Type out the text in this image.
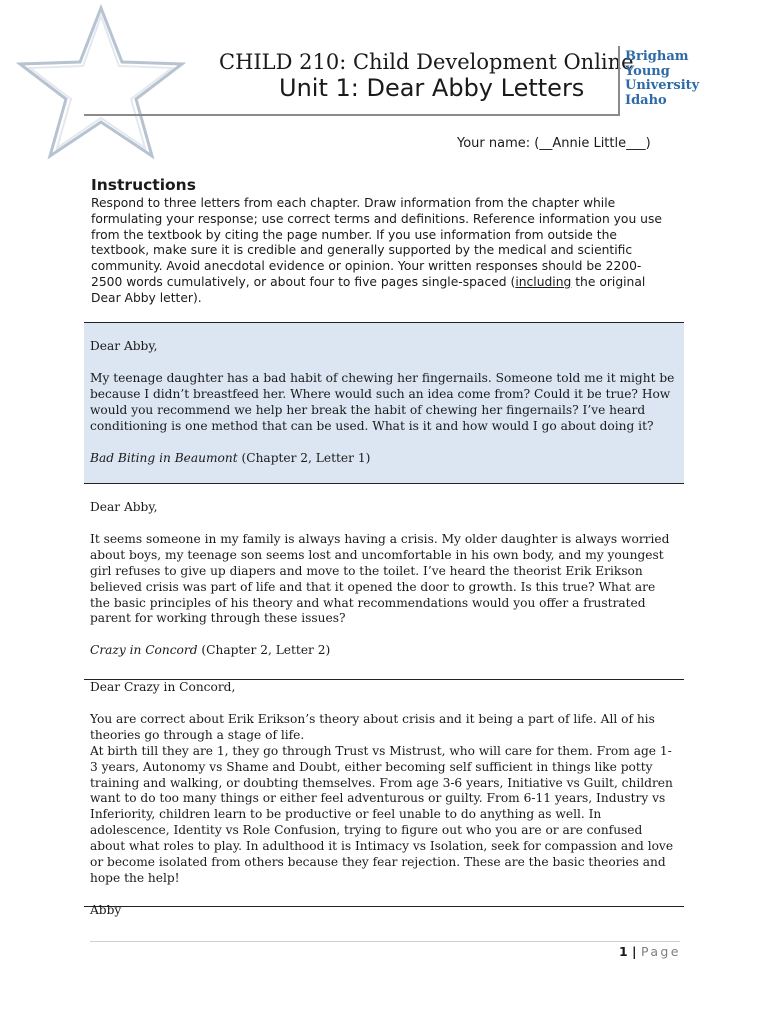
CHILD 210: Child Development Online
Unit 1: Dear Abby Letters
Brigham
Young
University
Idaho
Your name: (__Annie Little___)
Instructions
Respond to three letters from each chapter. Draw information from the chapter while formulating your response; use correct terms and definitions. Reference information you use from the textbook by citing the page number. If you use information from outside the textbook, make sure it is credible and generally supported by the medical and scientific community. Avoid anecdotal evidence or opinion. Your written responses should be 2200-2500 words cumulatively, or about four to five pages single-spaced (including the original Dear Abby letter).

Dear Abby,

My teenage daughter has a bad habit of chewing her fingernails. Someone told me it might be because I didn’t breastfeed her. Where would such an idea come from? Could it be true? How would you recommend we help her break the habit of chewing her fingernails? I’ve heard conditioning is one method that can be used. What is it and how would I go about doing it?

Bad Biting in Beaumont (Chapter 2, Letter 1)

Dear Abby,

It seems someone in my family is always having a crisis. My older daughter is always worried about boys, my teenage son seems lost and uncomfortable in his own body, and my youngest girl refuses to give up diapers and move to the toilet. I’ve heard the theorist Erik Erikson believed crisis was part of life and that it opened the door to growth. Is this true? What are the basic principles of his theory and what recommendations would you offer a frustrated parent for working through these issues?

Crazy in Concord (Chapter 2, Letter 2)

Dear Crazy in Concord,

You are correct about Erik Erikson’s theory about crisis and it being a part of life. All of his theories go through a stage of life.

At birth till they are 1, they go through Trust vs Mistrust, who will care for them. From age 1-3 years, Autonomy vs Shame and Doubt, either becoming self sufficient in things like potty training and walking, or doubting themselves. From age 3-6 years, Initiative vs Guilt, children want to do too many things or either feel adventurous or guilty. From 6-11 years, Industry vs Inferiority, children learn to be productive or feel unable to do anything as well. In adolescence, Identity vs Role Confusion, trying to figure out who you are or are confused about what roles to play. In adulthood it is Intimacy vs Isolation, seek for compassion and love or become isolated from others because they fear rejection. These are the basic theories and hope the help!

Abby

1 | Page
